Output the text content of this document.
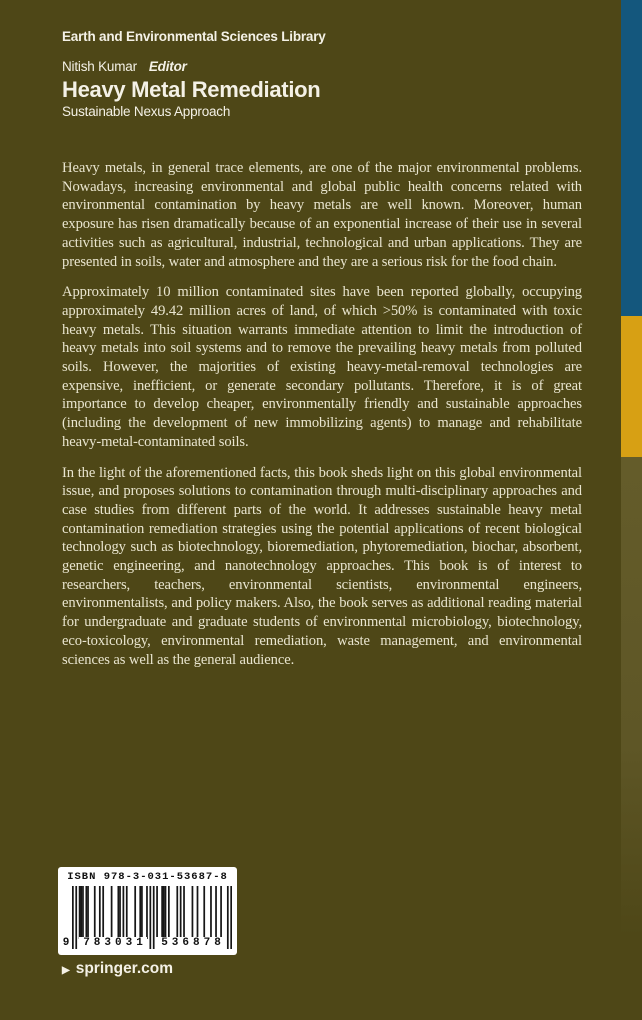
Earth and Environmental Sciences Library
Nitish Kumar Editor
Heavy Metal Remediation
Sustainable Nexus Approach

Heavy metals, in general trace elements, are one of the major environmental problems. Nowadays, increasing environmental and global public health concerns related with environmental contamination by heavy metals are well known. Moreover, human exposure has risen dramatically because of an exponential increase of their use in several activities such as agricultural, industrial, technological and urban applications. They are presented in soils, water and atmosphere and they are a serious risk for the food chain.

Approximately 10 million contaminated sites have been reported globally, occupying approximately 49.42 million acres of land, of which >50% is contaminated with toxic heavy metals. This situation warrants immediate attention to limit the introduction of heavy metals into soil systems and to remove the prevailing heavy metals from polluted soils. However, the majorities of existing heavy-metal-removal technologies are expensive, inefficient, or generate secondary pollutants. Therefore, it is of great importance to develop cheaper, environmentally friendly and sustainable approaches (including the development of new immobilizing agents) to manage and rehabilitate heavy-metal-contaminated soils.

In the light of the aforementioned facts, this book sheds light on this global environmental issue, and proposes solutions to contamination through multi-disciplinary approaches and case studies from different parts of the world. It addresses sustainable heavy metal contamination remediation strategies using the potential applications of recent biological technology such as biotechnology, bioremediation, phytoremediation, biochar, absorbent, genetic engineering, and nanotechnology approaches. This book is of interest to researchers, teachers, environmental scientists, environmental engineers, environmentalists, and policy makers. Also, the book serves as additional reading material for undergraduate and graduate students of environmental microbiology, biotechnology, eco-toxicology, environmental remediation, waste management, and environmental sciences as well as the general audience.

ISBN 978-3-031-53687-8
9	783031	536878
▶ springer.com
